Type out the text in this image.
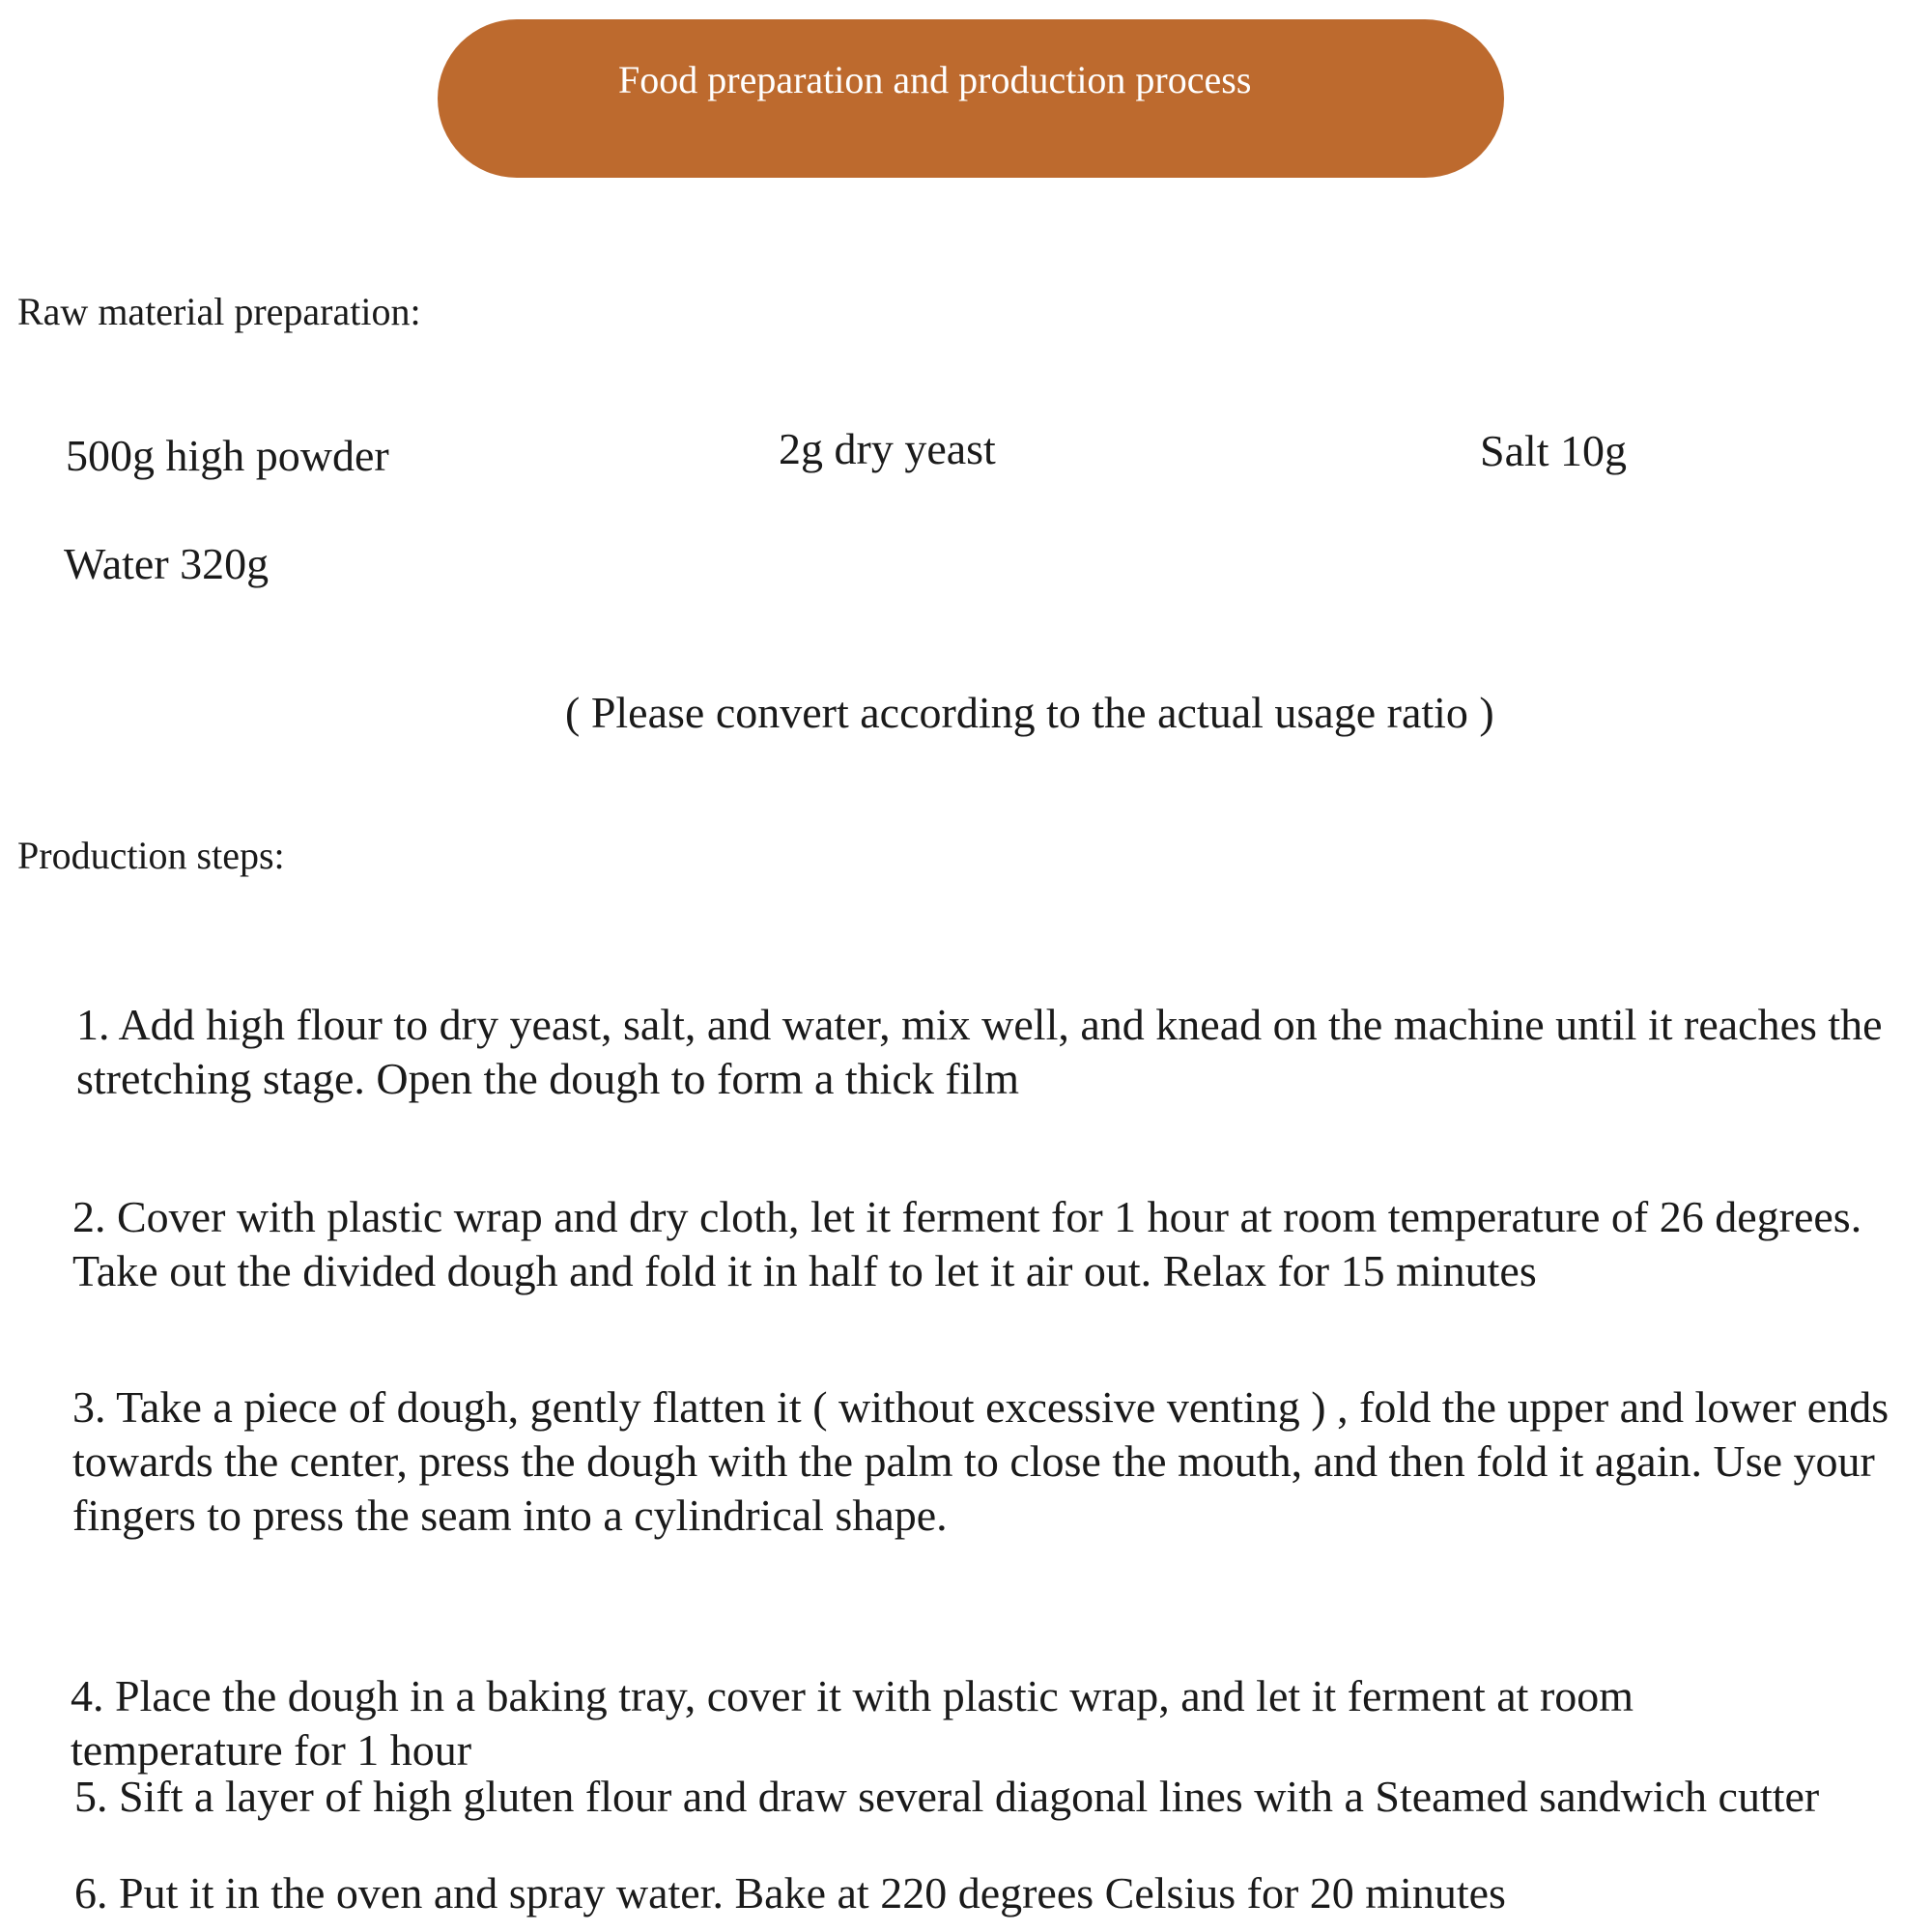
Food preparation and production process
Raw material preparation:
500g high powder	2g dry yeast	Salt 10g
Water 320g
( Please convert according to the actual usage ratio )
Production steps:

1. Add high flour to dry yeast, salt, and water, mix well, and knead on the machine until it reaches the stretching stage. Open the dough to form a thick film

2. Cover with plastic wrap and dry cloth, let it ferment for 1 hour at room temperature of 26 degrees. Take out the divided dough and fold it in half to let it air out. Relax for 15 minutes

3. Take a piece of dough, gently flatten it ( without excessive venting ) , fold the upper and lower ends towards the center, press the dough with the palm to close the mouth, and then fold it again. Use your fingers to press the seam into a cylindrical shape.

4. Place the dough in a baking tray, cover it with plastic wrap, and let it ferment at room temperature for 1 hour

5. Sift a layer of high gluten flour and draw several diagonal lines with a Steamed sandwich cutter

6. Put it in the oven and spray water. Bake at 220 degrees Celsius for 20 minutes
